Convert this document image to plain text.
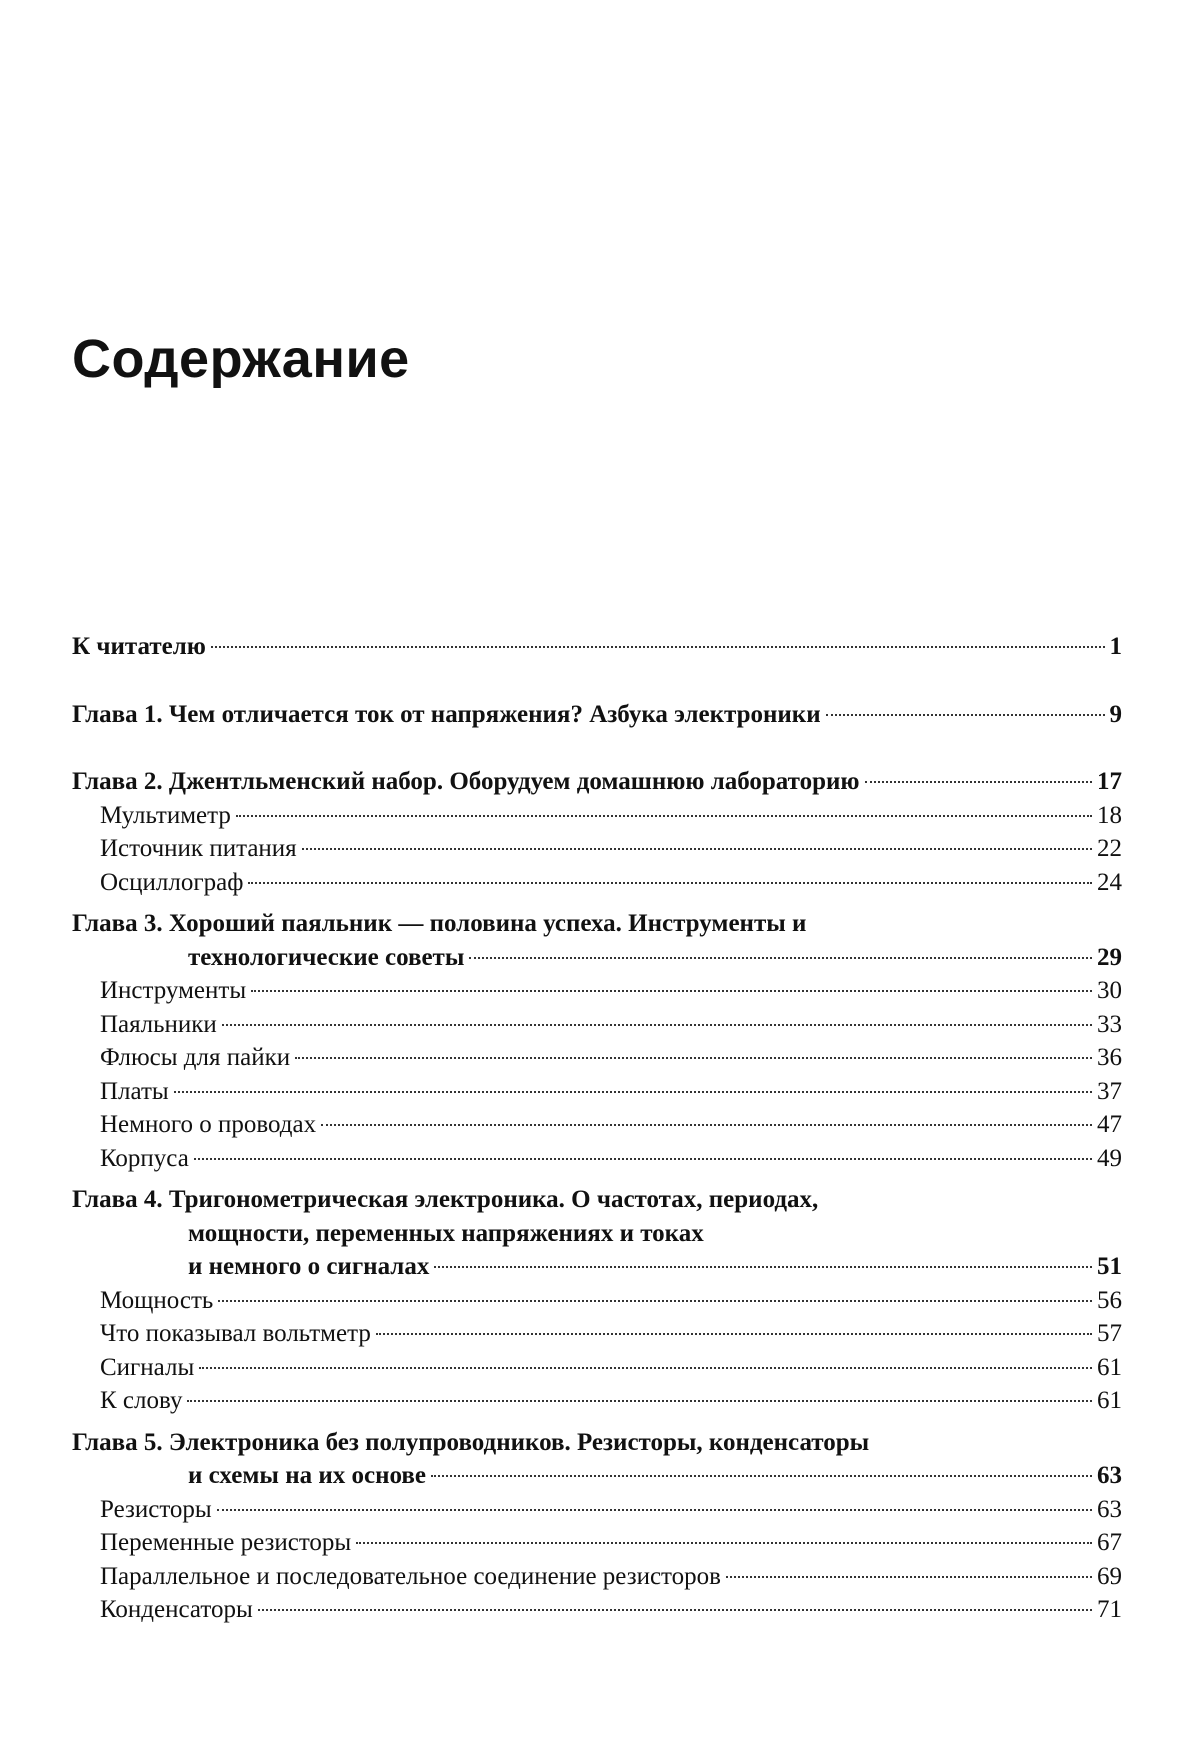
Содержание
К читателю	1
Глава 1. Чем отличается ток от напряжения? Азбука электроники	9
Глава 2. Джентльменский набор. Оборудуем домашнюю лабораторию	17
Мультиметр	18
Источник питания	22
Осциллограф	24
Глава 3. Хороший паяльник — половина успеха. Инструменты и
технологические советы	29
Инструменты	30
Паяльники	33
Флюсы для пайки	36
Платы	37
Немного о проводах	47
Корпуса	49
Глава 4. Тригонометрическая электроника. О частотах, периодах,
мощности, переменных напряжениях и токах
и немного о сигналах	51
Мощность	56
Что показывал вольтметр	57
Сигналы	61
К слову	61
Глава 5. Электроника без полупроводников. Резисторы, конденсаторы
и схемы на их основе	63
Резисторы	63
Переменные резисторы	67
Параллельное и последовательное соединение резисторов	69
Конденсаторы	71
